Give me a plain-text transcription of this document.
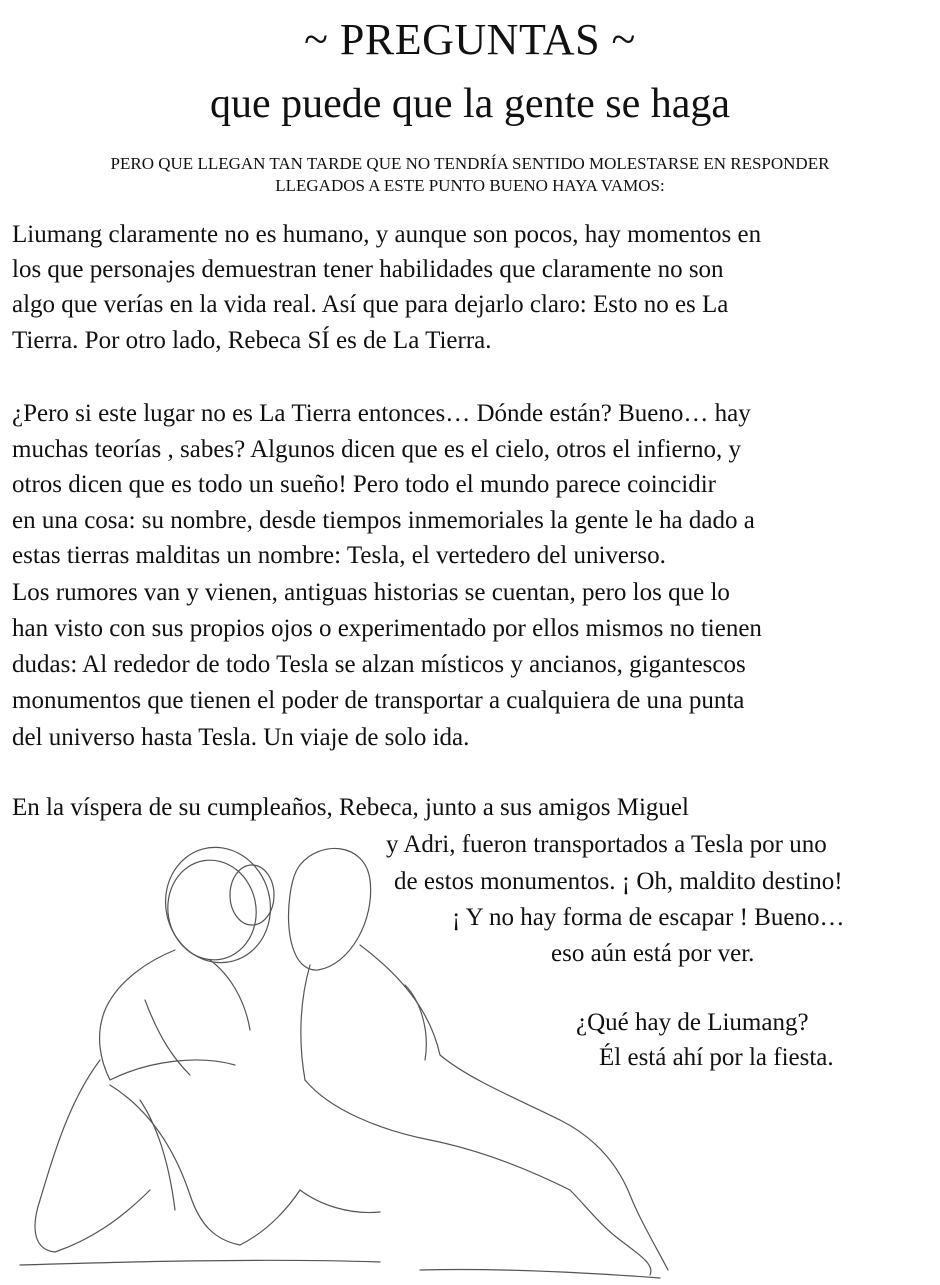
~ PREGUNTAS ~
que puede que la gente se haga
PERO QUE LLEGAN TAN TARDE QUE NO TENDRÍA SENTIDO MOLESTARSE EN RESPONDER
LLEGADOS A ESTE PUNTO BUENO HAYA VAMOS:
Liumang claramente no es humano, y aunque son pocos, hay momentos en
los que personajes demuestran tener habilidades que claramente no son
algo que verías en la vida real. Así que para dejarlo claro: Esto no es La
Tierra. Por otro lado, Rebeca SÍ es de La Tierra.
¿Pero si este lugar no es La Tierra entonces… Dónde están? Bueno… hay
muchas teorías , sabes? Algunos dicen que es el cielo, otros el infierno, y
otros dicen que es todo un sueño! Pero todo el mundo parece coincidir
en una cosa: su nombre, desde tiempos inmemoriales la gente le ha dado a
estas tierras malditas un nombre: Tesla, el vertedero del universo.
Los rumores van y vienen, antiguas historias se cuentan, pero los que lo
han visto con sus propios ojos o experimentado por ellos mismos no tienen
dudas: Al rededor de todo Tesla se alzan místicos y ancianos, gigantescos
monumentos que tienen el poder de transportar a cualquiera de una punta
del universo hasta Tesla. Un viaje de solo ida.
En la víspera de su cumpleaños, Rebeca, junto a sus amigos Miguel
y Adri, fueron transportados a Tesla por uno
de estos monumentos. ¡ Oh, maldito destino!
¡ Y no hay forma de escapar ! Bueno…
eso aún está por ver.
¿Qué hay de Liumang?
Él está ahí por la fiesta.
